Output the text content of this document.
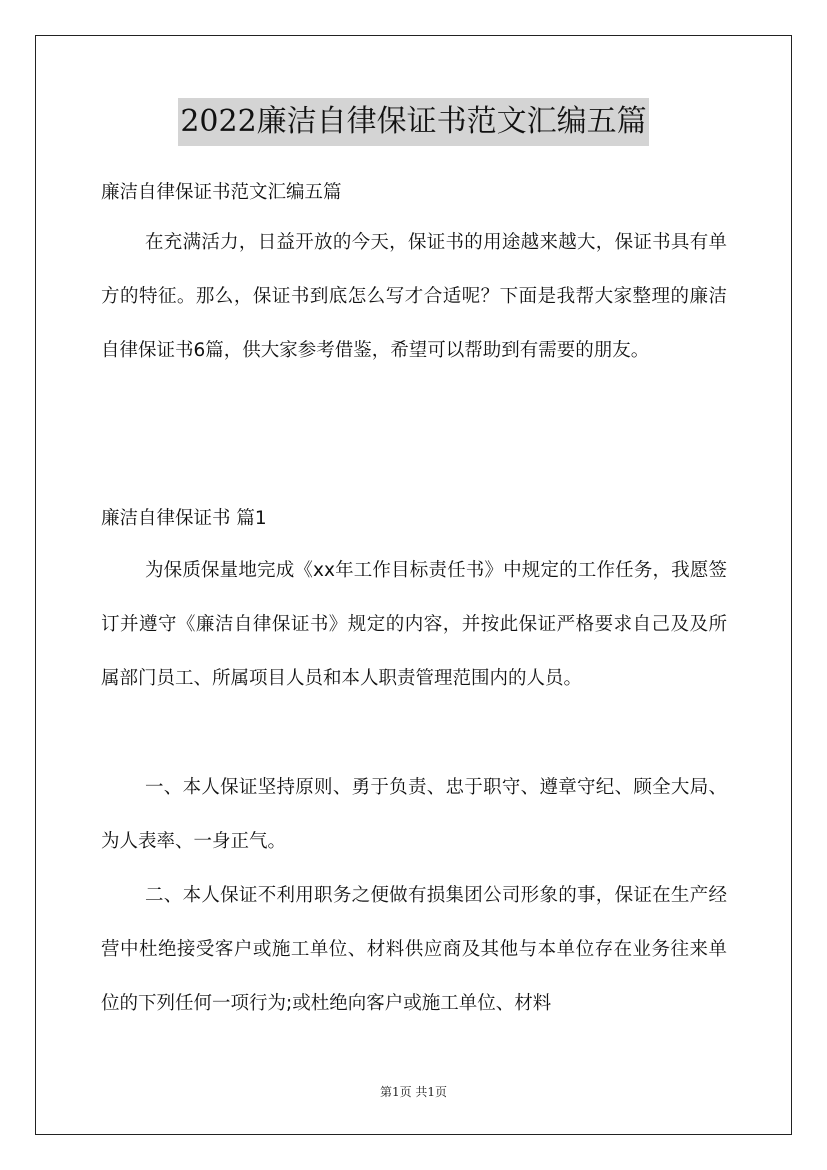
2022廉洁自律保证书范文汇编五篇

廉洁自律保证书范文汇编五篇

在充满活力，日益开放的今天，保证书的用途越来越大，保证书具有单方的特征。那么，保证书到底怎么写才合适呢？下面是我帮大家整理的廉洁自律保证书6篇，供大家参考借鉴，希望可以帮助到有需要的朋友。

廉洁自律保证书 篇1

为保质保量地完成《xx年工作目标责任书》中规定的工作任务，我愿签订并遵守《廉洁自律保证书》规定的内容，并按此保证严格要求自己及及所属部门员工、所属项目人员和本人职责管理范围内的人员。

一、本人保证坚持原则、勇于负责、忠于职守、遵章守纪、顾全大局、为人表率、一身正气。

二、本人保证不利用职务之便做有损集团公司形象的事，保证在生产经营中杜绝接受客户或施工单位、材料供应商及其他与本单位存在业务往来单位的下列任何一项行为;或杜绝向客户或施工单位、材料

第1页 共1页
